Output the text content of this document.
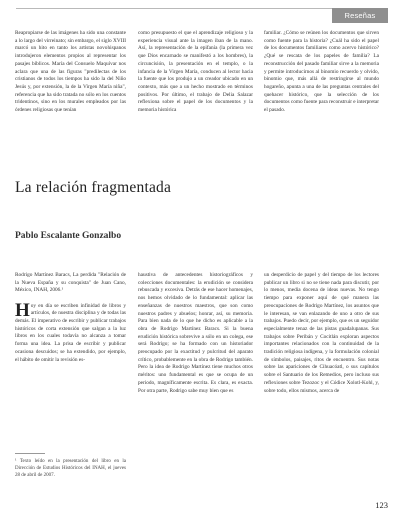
Reseñas

Reapropiarse de las imágenes ha sido una constante a lo largo del virreinato; sin embargo, el siglo XVIII marcó un hito en tanto los artistas novohispanos introdujeron elementos propios al representar los pasajes bíblicos. María del Consuelo Maquívar nos aclara que una de las figuras "predilectas de los cristianos de todos los tiempos ha sido la del Niño Jesús y, por extensión, la de la Virgen María niña", referencia que ha sido tratada no sólo en los cuentos tridentinos, sino en los murales empleados por las órdenes religiosas que tenían

como presupuesto el que el aprendizaje religioso y la experiencia visual ante la imagen iban de la mano. Así, la representación de la epifanía (la primera vez que Dios encarnado se manifestó a los hombres), la circuncisión, la presentación en el templo, o la infancia de la Virgen María, conducen al lector hacia la fuente que los produjo a un creador ubicado en un contexto, más que a un hecho mostrado en términos positivos. Por último, el trabajo de Delia Salazar reflexiona sobre el papel de los documentos y la memoria histórica

familiar. ¿Cómo se reúnen los documentos que sirven como fuente para la historia? ¿Cuál ha sido el papel de los documentos familiares como acervo histórico? ¿Qué se rescata de los papeles de familia? La reconstrucción del pasado familiar sirve a la memoria y permite introducirnos al binomio recuerdo y olvido, binomio que, más allá de restringirse al mundo hogareño, apunta a una de las preguntas centrales del quehacer histórico, que la selección de los documentos como fuente para reconstruir e interpretar el pasado.

La relación fragmentada
Pablo Escalante Gonzalbo

Rodrigo Martínez Baracs, La perdida "Relación de la Nueva España y su conquista" de Juan Cano, México, INAH, 2006.¹

Hoy en día se escriben infinidad de libros y artículos, de nuestra disciplina y de todas las demás. El imperativo de escribir y publicar trabajos históricos de corta extensión que salgan a la luz libros en los cuales todavía no alcanza a tomar forma una idea. La prisa de escribir y publicar ocasiona descuidos; se ha extendido, por ejemplo, el hábito de omitir la revisión es-

haustiva de antecedentes historiográficos y colecciones documentales: la erudición se considera rebuscada y excesiva. Detrás de ese hacer homenajes, nos hemos olvidado de lo fundamental: aplicar las enseñanzas de nuestros maestros, que son como nuestros padres y abuelos; honrar, así, su memoria. Para bien nada de lo que he dicho es aplicable a la obra de Rodrigo Martínez Baracs. Si la buena erudición histórica sobrevive a sólo en un colega, ese será Rodrigo; se ha formado con un historiador preocupado por la exactitud y pulcritud del aparato crítico, probablemente en la obra de Rodrigo también. Pero la idea de Rodrigo Martínez tiene muchos otros méritos: uno fundamental es que se ocupa de un periodo, magníficamente escrita. Es clara, es exacta. Por otra parte, Rodrigo sabe muy bien que es

un desperdicio de papel y del tiempo de los lectores publicar un libro si no se tiene nada para discutir, por lo menos, media docena de ideas nuevas. No tengo tiempo para exponer aquí de qué manera las preocupaciones de Rodrigo Martínez, los asuntos que le interesan, se van enlazando de uno a otro de sus trabajos. Puedo decir, por ejemplo, que es un seguidor especialmente tenaz de las pistas guadalupanas. Sus trabajos sobre Peribán y Cocitlán exploran aspectos importantes relacionados con la continuidad de la tradición religiosa indígena, y la formulación colonial de símbolos, paisajes, ritos de encuentro. Sus notas sobre las apariciones de Cihuacóatl, o sus capítulos sobre el Santuario de los Remedios, pero incluso sus reflexiones sobre Tezozoc y el Códice Xolotl-Kohl, y, sobre todo, ellos mismos, acerca de

¹ Texto leído en la presentación del libro en la Dirección de Estudios Históricos del INAH, el jueves 28 de abril de 2007.
123
